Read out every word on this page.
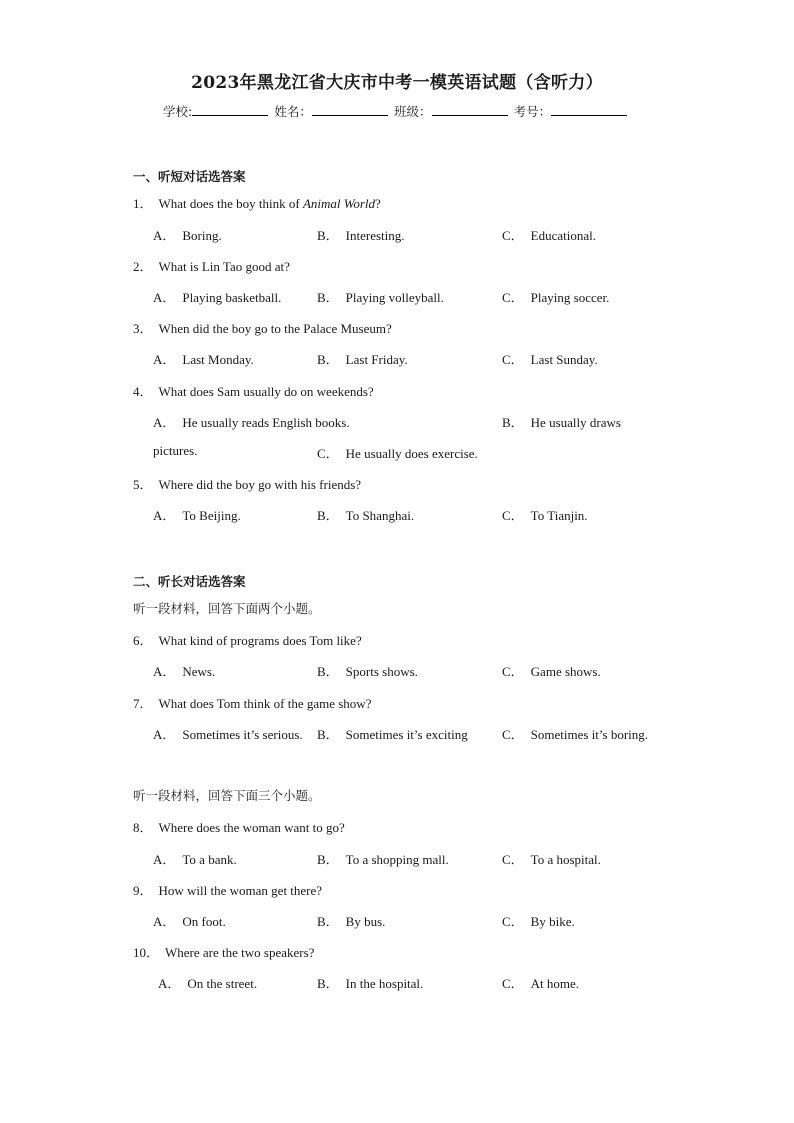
2023年黑龙江省大庆市中考一模英语试题（含听力）
学校:	姓名：	班级：	考号：
一、听短对话选答案
1． What does the boy think of Animal World?
A． Boring.	B． Interesting.	C． Educational.
2． What is Lin Tao good at?
A． Playing basketball.	B． Playing volleyball.	C． Playing soccer.
3． When did the boy go to the Palace Museum?
A． Last Monday.	B． Last Friday.	C． Last Sunday.
4． What does Sam usually do on weekends?
A． He usually reads English books.	B． He usually draws
pictures.	C． He usually does exercise.
5． Where did the boy go with his friends?
A． To Beijing.	B． To Shanghai.	C． To Tianjin.
二、听长对话选答案
听一段材料，回答下面两个小题。
6． What kind of programs does Tom like?
A． News.	B． Sports shows.	C． Game shows.
7． What does Tom think of the game show?
A． Sometimes it’s serious. B． Sometimes it’s exciting	C． Sometimes it’s boring.
听一段材料，回答下面三个小题。
8． Where does the woman want to go?
A． To a bank.	B． To a shopping mall.	C． To a hospital.
9． How will the woman get there?
A． On foot.	B． By bus.	C． By bike.
10． Where are the two speakers?
A． On the street.	B． In the hospital.	C． At home.
